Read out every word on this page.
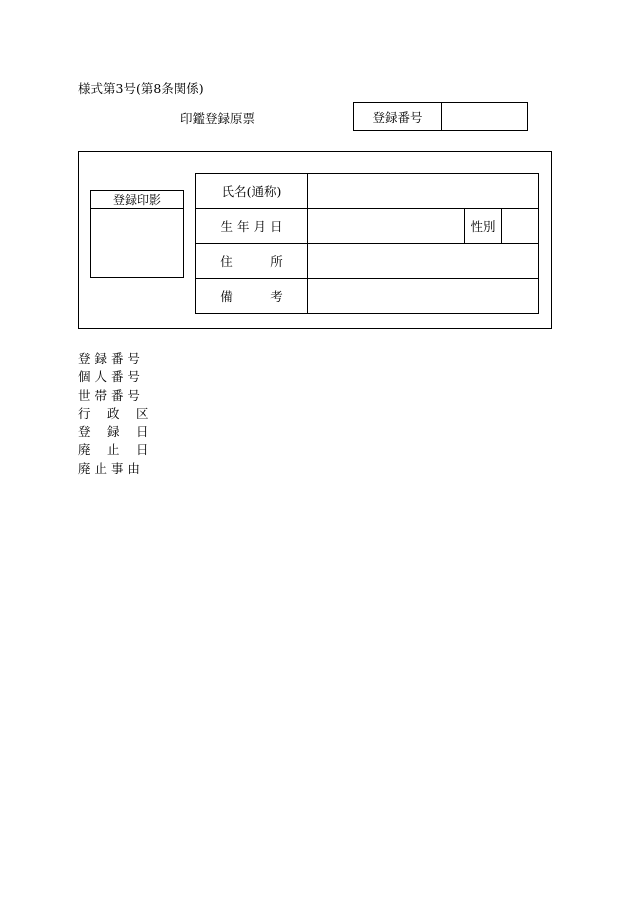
様式第3号(第8条関係)
印鑑登録原票	登録番号
登録印影
氏名(通称)
生 年 月 日	性別
住　　　所
備　　　考
登 録 番 号
個 人 番 号
世 帯 番 号
行　 政 　区
登　 録　 日
廃　 止　 日
廃 止 事 由
